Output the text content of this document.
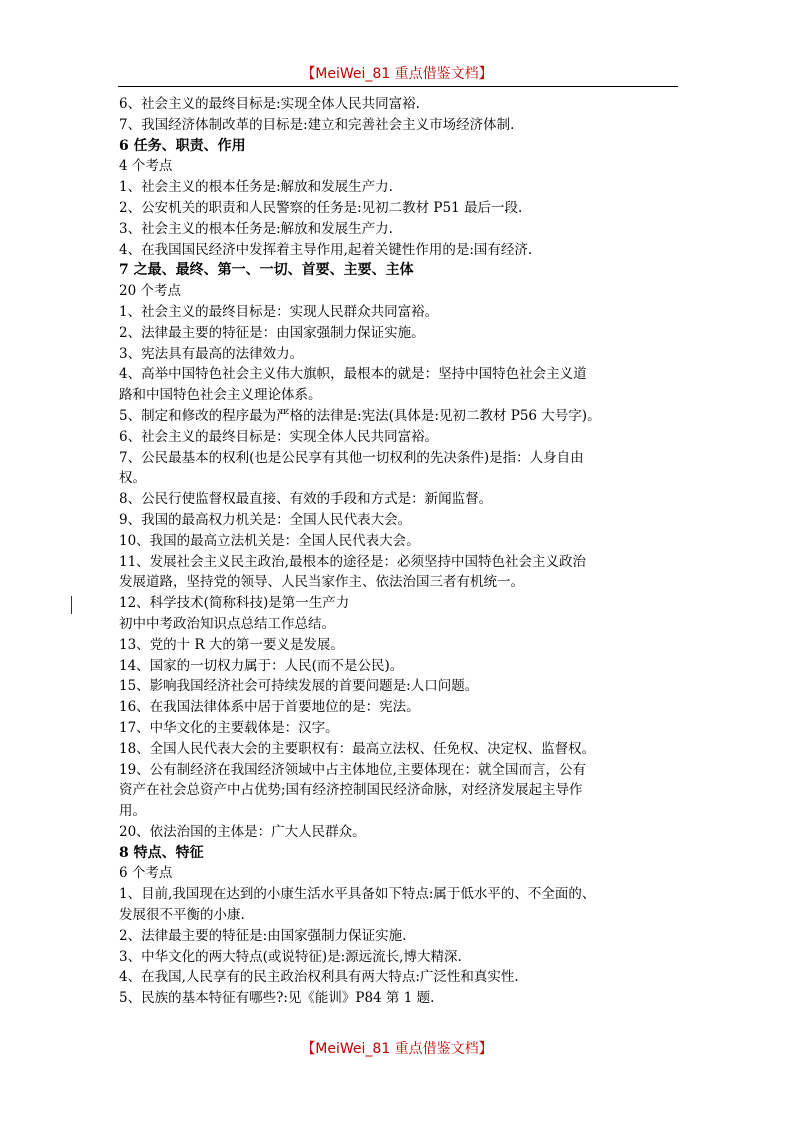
【MeiWei_81 重点借鉴文档】
6、社会主义的最终目标是:实现全体人民共同富裕.
7、我国经济体制改革的目标是:建立和完善社会主义市场经济体制.
6 任务、职责、作用
4 个考点
1、社会主义的根本任务是:解放和发展生产力.
2、公安机关的职责和人民警察的任务是:见初二教材 P51 最后一段.
3、社会主义的根本任务是:解放和发展生产力.
4、在我国国民经济中发挥着主导作用,起着关键性作用的是:国有经济.
7 之最、最终、第一、一切、首要、主要、主体
20 个考点
1、社会主义的最终目标是：实现人民群众共同富裕。
2、法律最主要的特征是：由国家强制力保证实施。
3、宪法具有最高的法律效力。
4、高举中国特色社会主义伟大旗帜，最根本的就是：坚持中国特色社会主义道
路和中国特色社会主义理论体系。
5、制定和修改的程序最为严格的法律是:宪法(具体是:见初二教材 P56 大号字)。
6、社会主义的最终目标是：实现全体人民共同富裕。
7、公民最基本的权利(也是公民享有其他一切权利的先决条件)是指：人身自由
权。
8、公民行使监督权最直接、有效的手段和方式是：新闻监督。
9、我国的最高权力机关是：全国人民代表大会。
10、我国的最高立法机关是：全国人民代表大会。
11、发展社会主义民主政治,最根本的途径是：必须坚持中国特色社会主义政治
发展道路，坚持党的领导、人民当家作主、依法治国三者有机统一。
12、科学技术(简称科技)是第一生产力
初中中考政治知识点总结工作总结。
13、党的十 R 大的第一要义是发展。
14、国家的一切权力属于：人民(而不是公民)。
15、影响我国经济社会可持续发展的首要问题是:人口问题。
16、在我国法律体系中居于首要地位的是：宪法。
17、中华文化的主要载体是：汉字。
18、全国人民代表大会的主要职权有：最高立法权、任免权、决定权、监督权。
19、公有制经济在我国经济领域中占主体地位,主要体现在：就全国而言，公有
资产在社会总资产中占优势;国有经济控制国民经济命脉，对经济发展起主导作
用。
20、依法治国的主体是：广大人民群众。
8 特点、特征
6 个考点
1、目前,我国现在达到的小康生活水平具备如下特点:属于低水平的、不全面的、
发展很不平衡的小康.
2、法律最主要的特征是:由国家强制力保证实施.
3、中华文化的两大特点(或说特征)是:源远流长,博大精深.
4、在我国,人民享有的民主政治权利具有两大特点:广泛性和真实性.
5、民族的基本特征有哪些?:见《能训》P84 第 1 题.
【MeiWei_81 重点借鉴文档】
